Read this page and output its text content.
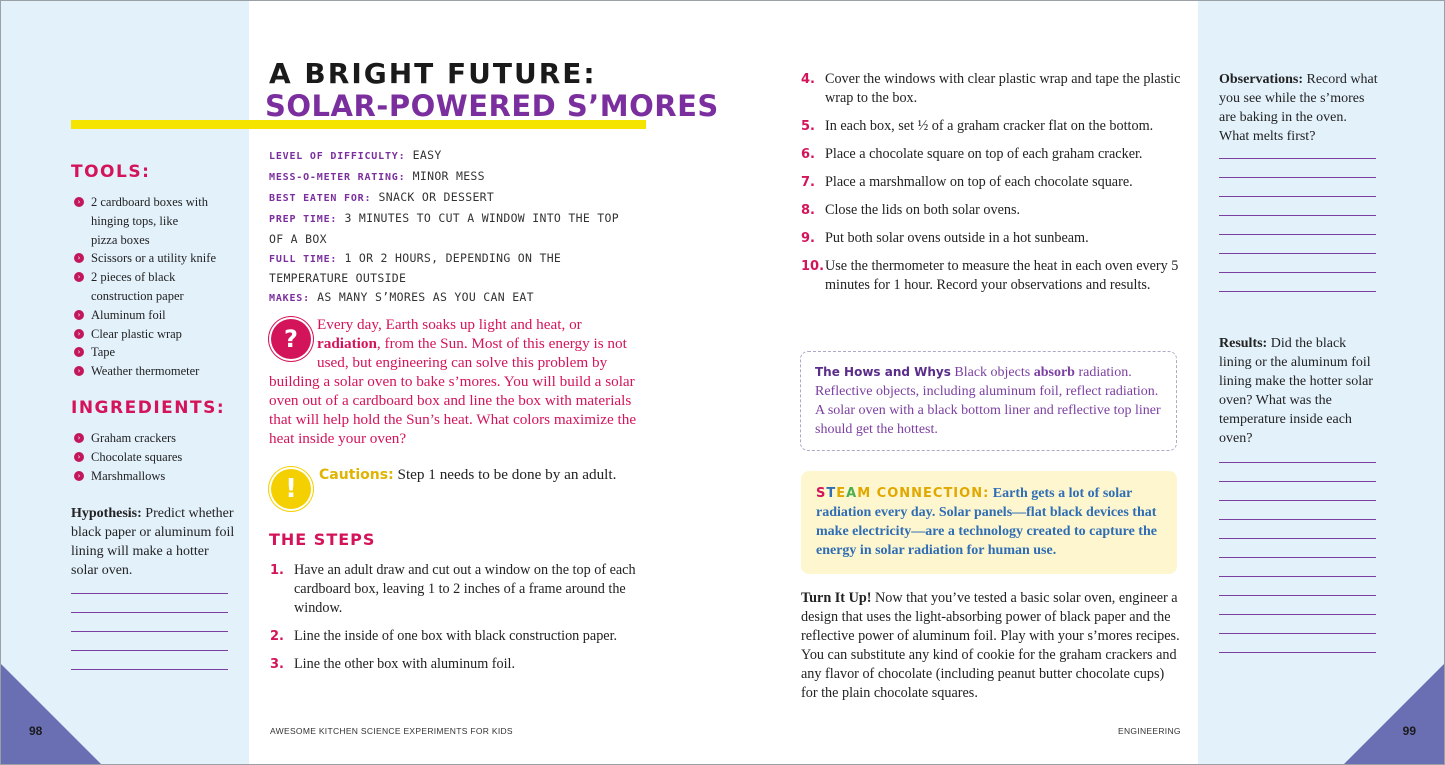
98
TOOLS:
› 2 cardboard boxes with
hinging tops, like
pizza boxes
› Scissors or a utility knife
› 2 pieces of black
construction paper
› Aluminum foil
› Clear plastic wrap
› Tape
› Weather thermometer
INGREDIENTS:
› Graham crackers
› Chocolate squares
› Marshmallows
Hypothesis: Predict whether black paper or aluminum foil lining will make a hotter solar oven.
A BRIGHT FUTURE:
SOLAR-POWERED S’MORES
LEVEL OF DIFFICULTY: EASY
MESS-O-METER RATING: MINOR MESS
BEST EATEN FOR: SNACK OR DESSERT
PREP TIME: 3 MINUTES TO CUT A WINDOW INTO THE TOP OF A BOX
FULL TIME: 1 OR 2 HOURS, DEPENDING ON THE TEMPERATURE OUTSIDE
MAKES: AS MANY S’MORES AS YOU CAN EAT
?
Every day, Earth soaks up light and heat, or radiation, from the Sun. Most of this energy is not used, but engineering can solve this problem by building a solar oven to bake s’mores. You will build a solar oven out of a cardboard box and line the box with materials that will help hold the Sun’s heat. What colors maximize the heat inside your oven?
!	Cautions: Step 1 needs to be done by an adult.
THE STEPS
1. Have an adult draw and cut out a window on the top of each cardboard box, leaving 1 to 2 inches of a frame around the window.
2. Line the inside of one box with black construction paper.
3. Line the other box with aluminum foil.
AWESOME KITCHEN SCIENCE EXPERIMENTS FOR KIDS
4. Cover the windows with clear plastic wrap and tape the plastic wrap to the box.
5. In each box, set ½ of a graham cracker flat on the bottom.
6. Place a chocolate square on top of each graham cracker.
7. Place a marshmallow on top of each chocolate square.
8. Close the lids on both solar ovens.
9. Put both solar ovens outside in a hot sunbeam.
10. Use the thermometer to measure the heat in each oven every 5 minutes for 1 hour. Record your observations and results.
The Hows and Whys Black objects absorb radiation. Reflective objects, including aluminum foil, reflect radiation. A solar oven with a black bottom liner and reflective top liner should get the hottest.
STEAM CONNECTION: Earth gets a lot of solar radiation every day. Solar panels—flat black devices that make electricity—are a technology created to capture the energy in solar radiation for human use.
Turn It Up! Now that you’ve tested a basic solar oven, engineer a design that uses the light-absorbing power of black paper and the reflective power of aluminum foil. Play with your s’mores recipes. You can substitute any kind of cookie for the graham crackers and any flavor of chocolate (including peanut butter chocolate cups) for the plain chocolate squares.
ENGINEERING	99
Observations: Record what you see while the s’mores are baking in the oven. What melts first?
Results: Did the black lining or the aluminum foil lining make the hotter solar oven? What was the temperature inside each oven?
